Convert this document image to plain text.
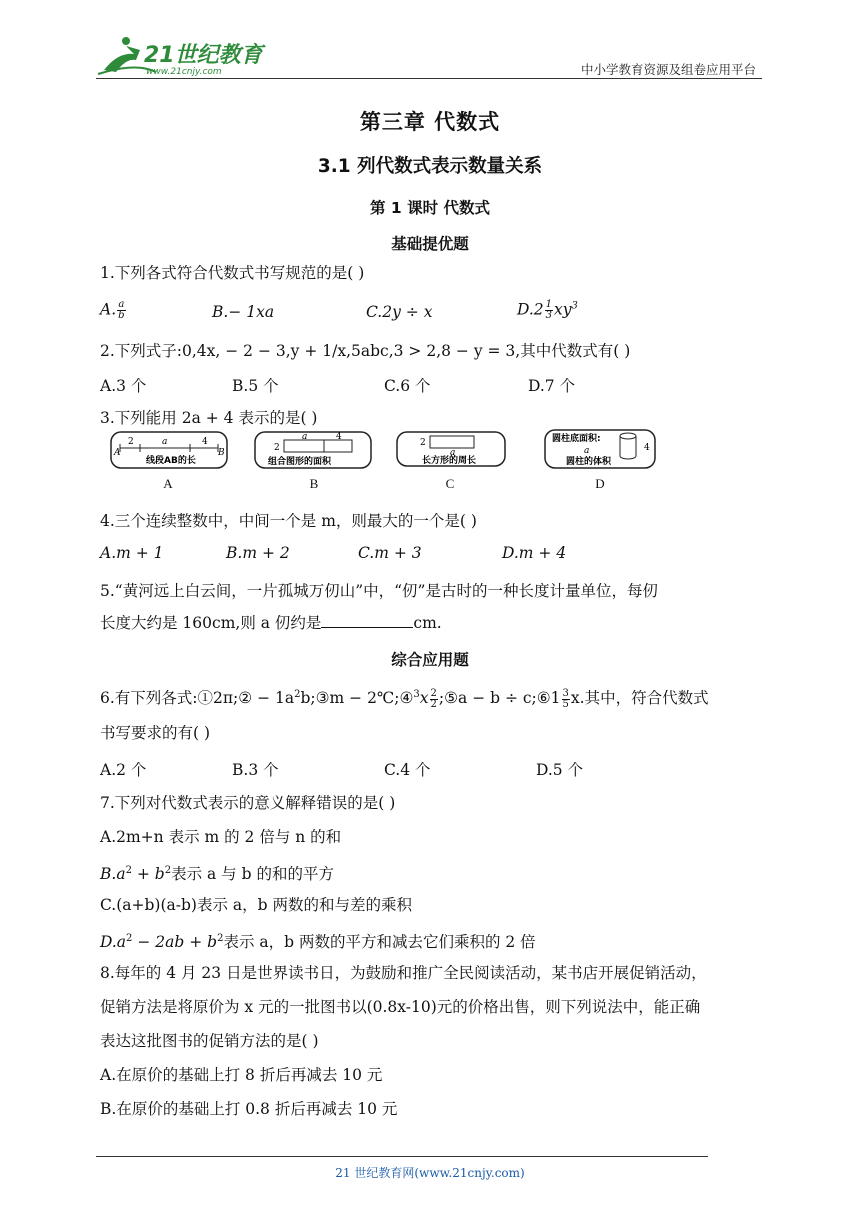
21世纪教育
www.21cnjy.com	中小学教育资源及组卷应用平台
第三章 代数式
3.1 列代数式表示数量关系
第 1 课时 代数式
基础提优题
1.下列各式符合代数式书写规范的是( )
A. $\frac{a}{b}$	B.− 1xa	C.2y ÷ x	$D.2 \frac{1}{3} xy^3$
2.下列式子:0,4x, − 2 − 3,y + 1/x,5abc,3 > 2,8 − y = 3,其中代数式有( )
A.3 个	B.5 个	C.6 个	D.7 个
3.下列能用 2a + 4 表示的是( )
A	B
2	a	4
线段AB的长
2
a	4
组合图形的面积
2
a
长方形的周长
圆柱底面积:
4
a
圆柱的体积
A	B	C	D
4.三个连续整数中，中间一个是 m，则最大的一个是( )
A.m + 1	B.m + 2	C.m + 3	D.m + 4
5.“黄河远上白云间，一片孤城万仞山”中，“仞”是古时的一种长度计量单位，每仞
长度大约是 160cm,则 a 仞约是	cm.
综合应用题
6.有下列各式:①2π;② − $1a^2b;③m$ − 2℃;④$^3$x $\frac{2}{2}$ ;⑤a − b ÷ c;⑥1 $\frac{3}{5} x$.其中，符合代数式
书写要求的有( )
A.2 个	B.3 个	C.4 个	D.5 个
7.下列对代数式表示的意义解释错误的是( )
A.2m+n 表示 m 的 2 倍与 n 的和
$B.a^2 + b^2$表示 a 与 b 的和的平方
C.(a+b)(a-b)表示 a，b 两数的和与差的乘积
$D.a^2 - 2ab + b^2$表示 a，b 两数的平方和减去它们乘积的 2 倍
8.每年的 4 月 23 日是世界读书日，为鼓励和推广全民阅读活动，某书店开展促销活动，
促销方法是将原价为 x 元的一批图书以(0.8x-10)元的价格出售，则下列说法中，能正确
表达这批图书的促销方法的是( )
A.在原价的基础上打 8 折后再减去 10 元
B.在原价的基础上打 0.8 折后再减去 10 元
21 世纪教育网(www.21cnjy.com)
